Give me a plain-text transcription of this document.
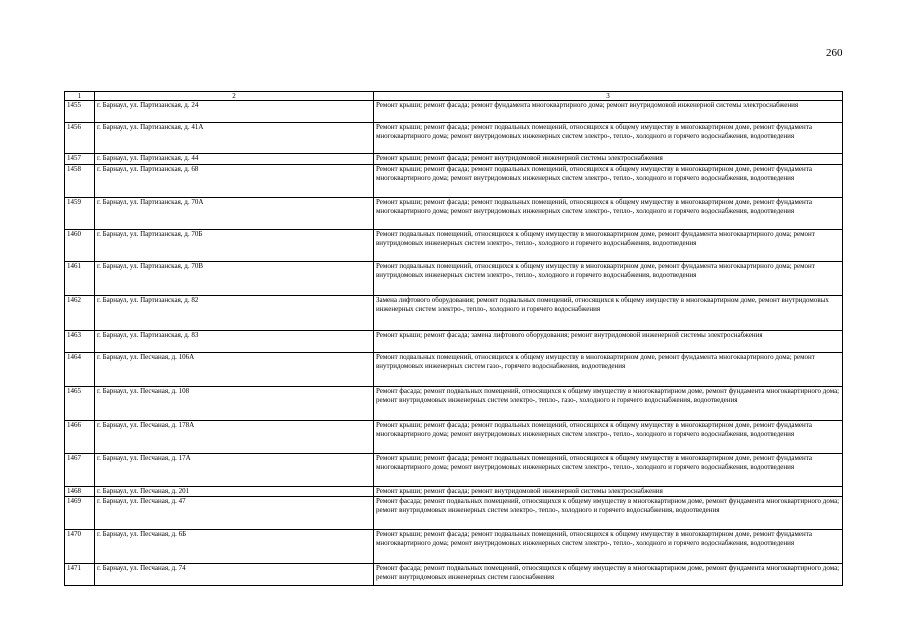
260
1	2	3
1455	г. Барнаул, ул. Партизанская, д. 24	Ремонт крыши; ремонт фасада; ремонт фундамента многоквартирного дома; ремонт внутридомовой инженерной системы электроснабжения
1456	г. Барнаул, ул. Партизанская, д. 41А	Ремонт крыши; ремонт фасада; ремонт подвальных помещений, относящихся к общему имуществу в многоквартирном доме, ремонт фундамента многоквартирного дома; ремонт внутридомовых инженерных систем электро-, тепло-, холодного и горячего водоснабжения, водоотведения
1457	г. Барнаул, ул. Партизанская, д. 44	Ремонт крыши; ремонт фасада; ремонт внутридомовой инженерной системы электроснабжения
1458	г. Барнаул, ул. Партизанская, д. 68	Ремонт крыши; ремонт фасада; ремонт подвальных помещений, относящихся к общему имуществу в многоквартирном доме, ремонт фундамента многоквартирного дома; ремонт внутридомовых инженерных систем электро-, тепло-, холодного и горячего водоснабжения, водоотведения
1459	г. Барнаул, ул. Партизанская, д. 70А	Ремонт крыши; ремонт фасада; ремонт подвальных помещений, относящихся к общему имуществу в многоквартирном доме, ремонт фундамента многоквартирного дома; ремонт внутридомовых инженерных систем электро-, тепло-, холодного и горячего водоснабжения, водоотведения
1460	г. Барнаул, ул. Партизанская, д. 70Б	Ремонт подвальных помещений, относящихся к общему имуществу в многоквартирном доме, ремонт фундамента многоквартирного дома; ремонт внутридомовых инженерных систем электро-, тепло-, холодного и горячего водоснабжения, водоотведения
1461	г. Барнаул, ул. Партизанская, д. 70В	Ремонт подвальных помещений, относящихся к общему имуществу в многоквартирном доме, ремонт фундамента многоквартирного дома; ремонт внутридомовых инженерных систем электро-, тепло-, холодного и горячего водоснабжения, водоотведения
1462	г. Барнаул, ул. Партизанская, д. 82	Замена лифтового оборудования; ремонт подвальных помещений, относящихся к общему имуществу в многоквартирном доме, ремонт внутридомовых инженерных систем электро-, тепло-, холодного и горячего водоснабжения
1463	г. Барнаул, ул. Партизанская, д. 83	Ремонт крыши; ремонт фасада; замена лифтового оборудования; ремонт внутридомовой инженерной системы электроснабжения
1464	г. Барнаул, ул. Песчаная, д. 106А	Ремонт подвальных помещений, относящихся к общему имуществу в многоквартирном доме, ремонт фундамента многоквартирного дома; ремонт внутридомовых инженерных систем газо-, горячего водоснабжения, водоотведения
1465	г. Барнаул, ул. Песчаная, д. 108	Ремонт фасада; ремонт подвальных помещений, относящихся к общему имуществу в многоквартирном доме, ремонт фундамента многоквартирного дома; ремонт внутридомовых инженерных систем электро-, тепло-, газо-, холодного и горячего водоснабжения, водоотведения
1466	г. Барнаул, ул. Песчаная, д. 178А	Ремонт крыши; ремонт фасада; ремонт подвальных помещений, относящихся к общему имуществу в многоквартирном доме, ремонт фундамента многоквартирного дома; ремонт внутридомовых инженерных систем электро-, тепло-, холодного и горячего водоснабжения, водоотведения
1467	г. Барнаул, ул. Песчаная, д. 17А	Ремонт крыши; ремонт фасада; ремонт подвальных помещений, относящихся к общему имуществу в многоквартирном доме, ремонт фундамента многоквартирного дома; ремонт внутридомовых инженерных систем электро-, тепло-, холодного и горячего водоснабжения, водоотведения
1468	г. Барнаул, ул. Песчаная, д. 201	Ремонт крыши; ремонт фасада; ремонт внутридомовой инженерной системы электроснабжения
1469	г. Барнаул, ул. Песчаная, д. 47	Ремонт фасада; ремонт подвальных помещений, относящихся к общему имуществу в многоквартирном доме, ремонт фундамента многоквартирного дома; ремонт внутридомовых инженерных систем электро-, тепло-, холодного и горячего водоснабжения, водоотведения
1470	г. Барнаул, ул. Песчаная, д. 6Б	Ремонт крыши; ремонт фасада; ремонт подвальных помещений, относящихся к общему имуществу в многоквартирном доме, ремонт фундамента многоквартирного дома; ремонт внутридомовых инженерных систем электро-, тепло-, холодного и горячего водоснабжения, водоотведения
1471	г. Барнаул, ул. Песчаная, д. 74	Ремонт фасада; ремонт подвальных помещений, относящихся к общему имуществу в многоквартирном доме, ремонт фундамента многоквартирного дома; ремонт внутридомовых инженерных систем газоснабжения
